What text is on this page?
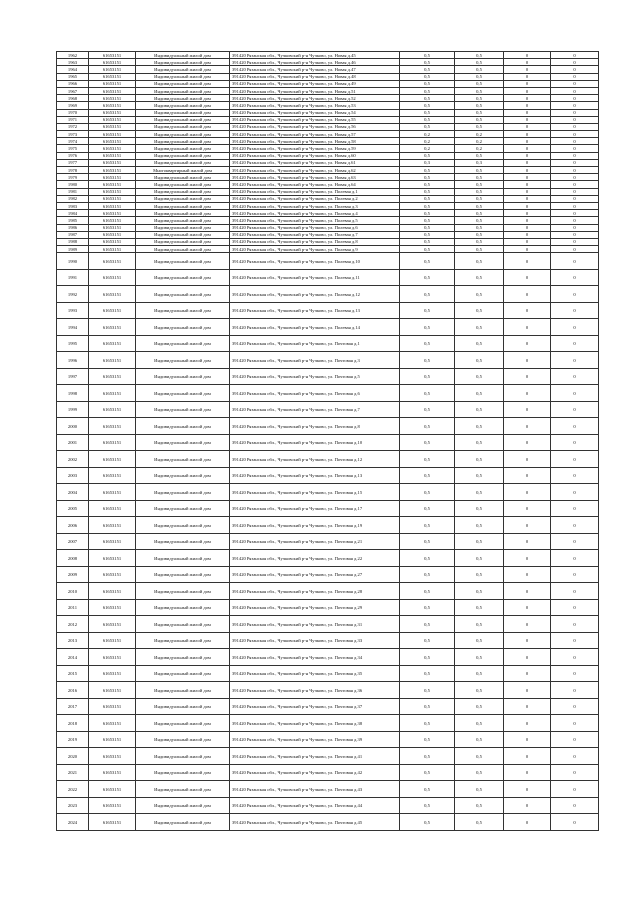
1962	61653151	Индивидуальный жилой дом	391420 Рязанская обл., Чучковский р-н Чучково, ул. Новая д.45	0,5	0,5	0	0
1963	61653151	Индивидуальный жилой дом	391420 Рязанская обл., Чучковский р-н Чучково, ул. Новая д.46	0,5	0,5	0	0
1964	61653151	Индивидуальный жилой дом	391420 Рязанская обл., Чучковский р-н Чучково, ул. Новая д.47	0,5	0,5	0	0
1965	61653151	Индивидуальный жилой дом	391420 Рязанская обл., Чучковский р-н Чучково, ул. Новая д.48	0,5	0,5	0	0
1966	61653151	Индивидуальный жилой дом	391420 Рязанская обл., Чучковский р-н Чучково, ул. Новая д.49	0,5	0,5	0	0
1967	61653151	Индивидуальный жилой дом	391420 Рязанская обл., Чучковский р-н Чучково, ул. Новая д.51	0,5	0,5	0	0
1968	61653151	Индивидуальный жилой дом	391420 Рязанская обл., Чучковский р-н Чучково, ул. Новая д.52	0,5	0,5	0	0
1969	61653151	Индивидуальный жилой дом	391420 Рязанская обл., Чучковский р-н Чучково, ул. Новая д.53	0,5	0,5	0	0
1970	61653151	Индивидуальный жилой дом	391420 Рязанская обл., Чучковский р-н Чучково, ул. Новая д.54	0,5	0,5	0	0
1971	61653151	Индивидуальный жилой дом	391420 Рязанская обл., Чучковский р-н Чучково, ул. Новая д.55	0,5	0,5	0	0
1972	61653151	Индивидуальный жилой дом	391420 Рязанская обл., Чучковский р-н Чучково, ул. Новая д.56	0,5	0,5	0	0
1973	61653151	Индивидуальный жилой дом	391420 Рязанская обл., Чучковский р-н Чучково, ул. Новая д.57	0,2	0,2	0	0
1974	61653151	Индивидуальный жилой дом	391420 Рязанская обл., Чучковский р-н Чучково, ул. Новая д.58	0,2	0,2	0	0
1975	61653151	Индивидуальный жилой дом	391420 Рязанская обл., Чучковский р-н Чучково, ул. Новая д.59	0,2	0,2	0	0
1976	61653151	Индивидуальный жилой дом	391420 Рязанская обл., Чучковский р-н Чучково, ул. Новая д.60	0,5	0,5	0	0
1977	61653151	Индивидуальный жилой дом	391420 Рязанская обл., Чучковский р-н Чучково, ул. Новая д.61	0,3	0,3	0	0
1978	61653151	Многоквартирный жилой дом	391420 Рязанская обл., Чучковский р-н Чучково, ул. Новая д.62	0,5	0,5	0	0
1979	61653151	Индивидуальный жилой дом	391420 Рязанская обл., Чучковский р-н Чучково, ул. Новая д.63	0,5	0,5	0	0
1980	61653151	Индивидуальный жилой дом	391420 Рязанская обл., Чучковский р-н Чучково, ул. Новая д.64	0,5	0,5	0	0
1981	61653151	Индивидуальный жилой дом	391420 Рязанская обл., Чучковский р-н Чучково, ул. Полевая д.1	0,5	0,5	0	0
1982	61653151	Индивидуальный жилой дом	391420 Рязанская обл., Чучковский р-н Чучково, ул. Полевая д.2	0,5	0,5	0	0
1983	61653151	Индивидуальный жилой дом	391420 Рязанская обл., Чучковский р-н Чучково, ул. Полевая д.3	0,5	0,5	0	0
1984	61653151	Индивидуальный жилой дом	391420 Рязанская обл., Чучковский р-н Чучково, ул. Полевая д.4	0,5	0,5	0	0
1985	61653151	Индивидуальный жилой дом	391420 Рязанская обл., Чучковский р-н Чучково, ул. Полевая д.5	0,5	0,5	0	0
1986	61653151	Индивидуальный жилой дом	391420 Рязанская обл., Чучковский р-н Чучково, ул. Полевая д.6	0,5	0,5	0	0
1987	61653151	Индивидуальный жилой дом	391420 Рязанская обл., Чучковский р-н Чучково, ул. Полевая д.7	0,5	0,5	0	0
1988	61653151	Индивидуальный жилой дом	391420 Рязанская обл., Чучковский р-н Чучково, ул. Полевая д.8	0,5	0,5	0	0
1989	61653151	Индивидуальный жилой дом	391420 Рязанская обл., Чучковский р-н Чучково, ул. Полевая д.9	0,5	0,5	0	0
1990	61653151	Индивидуальный жилой дом	391420 Рязанская обл., Чучковский р-н Чучково, ул. Полевая д.10	0,5	0,5	0	0
1991	61653151	Индивидуальный жилой дом	391420 Рязанская обл., Чучковский р-н Чучково, ул. Полевая д.11	0,5	0,5	0	0
1992	61653151	Индивидуальный жилой дом	391420 Рязанская обл., Чучковский р-н Чучково, ул. Полевая д.12	0,5	0,5	0	0
1993	61653151	Индивидуальный жилой дом	391420 Рязанская обл., Чучковский р-н Чучково, ул. Полевая д.13	0,5	0,5	0	0
1994	61653151	Индивидуальный жилой дом	391420 Рязанская обл., Чучковский р-н Чучково, ул. Полевая д.14	0,5	0,5	0	0
1995	61653151	Индивидуальный жилой дом	391420 Рязанская обл., Чучковский р-н Чучково, ул. Почтовая д.1	0,5	0,5	0	0
1996	61653151	Индивидуальный жилой дом	391420 Рязанская обл., Чучковский р-н Чучково, ул. Почтовая д.3	0,5	0,5	0	0
1997	61653151	Индивидуальный жилой дом	391420 Рязанская обл., Чучковский р-н Чучково, ул. Почтовая д.5	0,5	0,5	0	0
1998	61653151	Индивидуальный жилой дом	391420 Рязанская обл., Чучковский р-н Чучково, ул. Почтовая д.6	0,5	0,5	0	0
1999	61653151	Индивидуальный жилой дом	391420 Рязанская обл., Чучковский р-н Чучково, ул. Почтовая д.7	0,5	0,5	0	0
2000	61653151	Индивидуальный жилой дом	391420 Рязанская обл., Чучковский р-н Чучково, ул. Почтовая д.8	0,5	0,5	0	0
2001	61653151	Индивидуальный жилой дом	391420 Рязанская обл., Чучковский р-н Чучково, ул. Почтовая д.10	0,5	0,5	0	0
2002	61653151	Индивидуальный жилой дом	391420 Рязанская обл., Чучковский р-н Чучково, ул. Почтовая д.12	0,5	0,5	0	0
2003	61653151	Индивидуальный жилой дом	391420 Рязанская обл., Чучковский р-н Чучково, ул. Почтовая д.13	0,5	0,5	0	0
2004	61653151	Индивидуальный жилой дом	391420 Рязанская обл., Чучковский р-н Чучково, ул. Почтовая д.15	0,5	0,5	0	0
2005	61653151	Индивидуальный жилой дом	391420 Рязанская обл., Чучковский р-н Чучково, ул. Почтовая д.17	0,5	0,5	0	0
2006	61653151	Индивидуальный жилой дом	391420 Рязанская обл., Чучковский р-н Чучково, ул. Почтовая д.19	0,5	0,5	0	0
2007	61653151	Индивидуальный жилой дом	391420 Рязанская обл., Чучковский р-н Чучково, ул. Почтовая д.21	0,5	0,5	0	0
2008	61653151	Индивидуальный жилой дом	391420 Рязанская обл., Чучковский р-н Чучково, ул. Почтовая д.22	0,5	0,5	0	0
2009	61653151	Индивидуальный жилой дом	391420 Рязанская обл., Чучковский р-н Чучково, ул. Почтовая д.27	0,5	0,5	0	0
2010	61653151	Индивидуальный жилой дом	391420 Рязанская обл., Чучковский р-н Чучково, ул. Почтовая д.28	0,5	0,5	0	0
2011	61653151	Индивидуальный жилой дом	391420 Рязанская обл., Чучковский р-н Чучково, ул. Почтовая д.29	0,5	0,5	0	0
2012	61653151	Индивидуальный жилой дом	391420 Рязанская обл., Чучковский р-н Чучково, ул. Почтовая д.31	0,5	0,5	0	0
2013	61653151	Индивидуальный жилой дом	391420 Рязанская обл., Чучковский р-н Чучково, ул. Почтовая д.33	0,5	0,5	0	0
2014	61653151	Индивидуальный жилой дом	391420 Рязанская обл., Чучковский р-н Чучково, ул. Почтовая д.34	0,5	0,5	0	0
2015	61653151	Индивидуальный жилой дом	391420 Рязанская обл., Чучковский р-н Чучково, ул. Почтовая д.35	0,5	0,5	0	0
2016	61653151	Индивидуальный жилой дом	391420 Рязанская обл., Чучковский р-н Чучково, ул. Почтовая д.36	0,5	0,5	0	0
2017	61653151	Индивидуальный жилой дом	391420 Рязанская обл., Чучковский р-н Чучково, ул. Почтовая д.37	0,5	0,5	0	0
2018	61653151	Индивидуальный жилой дом	391420 Рязанская обл., Чучковский р-н Чучково, ул. Почтовая д.38	0,5	0,5	0	0
2019	61653151	Индивидуальный жилой дом	391420 Рязанская обл., Чучковский р-н Чучково, ул. Почтовая д.39	0,5	0,5	0	0
2020	61653151	Индивидуальный жилой дом	391420 Рязанская обл., Чучковский р-н Чучково, ул. Почтовая д.41	0,5	0,5	0	0
2021	61653151	Индивидуальный жилой дом	391420 Рязанская обл., Чучковский р-н Чучково, ул. Почтовая д.42	0,5	0,5	0	0
2022	61653151	Индивидуальный жилой дом	391420 Рязанская обл., Чучковский р-н Чучково, ул. Почтовая д.43	0,5	0,5	0	0
2023	61653151	Индивидуальный жилой дом	391420 Рязанская обл., Чучковский р-н Чучково, ул. Почтовая д.44	0,5	0,5	0	0
2024	61653151	Индивидуальный жилой дом	391420 Рязанская обл., Чучковский р-н Чучково, ул. Почтовая д.45	0,5	0,5	0	0
